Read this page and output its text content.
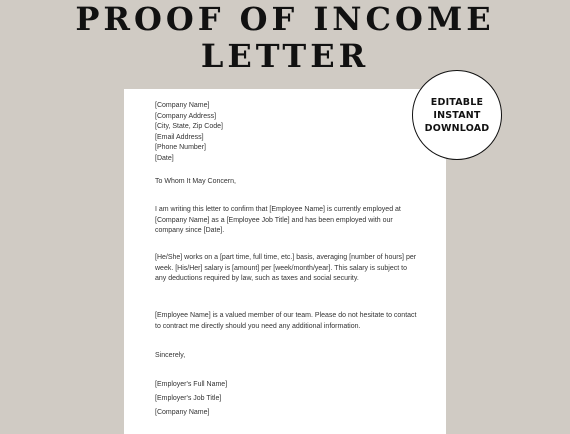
PROOF OF INCOME
LETTER
[Company Name]
[Company Address]
[City, State, Zip Code]
[Email Address]
[Phone Number]
[Date]
To Whom It May Concern,
I am writing this letter to confirm that [Employee Name] is currently employed at [Company Name] as a [Employee Job Title] and has been employed with our company since [Date].
[He/She] works on a [part time, full time, etc.] basis, averaging [number of hours] per week. [His/Her] salary is [amount] per [week/month/year]. This salary is subject to any deductions required by law, such as taxes and social security.
[Employee Name] is a valued member of our team. Please do not hesitate to contact to contract me directly should you need any additional information.
Sincerely,
[Employer's Full Name]
[Employer's Job Title]
[Company Name]
EDITABLE
INSTANT
DOWNLOAD
